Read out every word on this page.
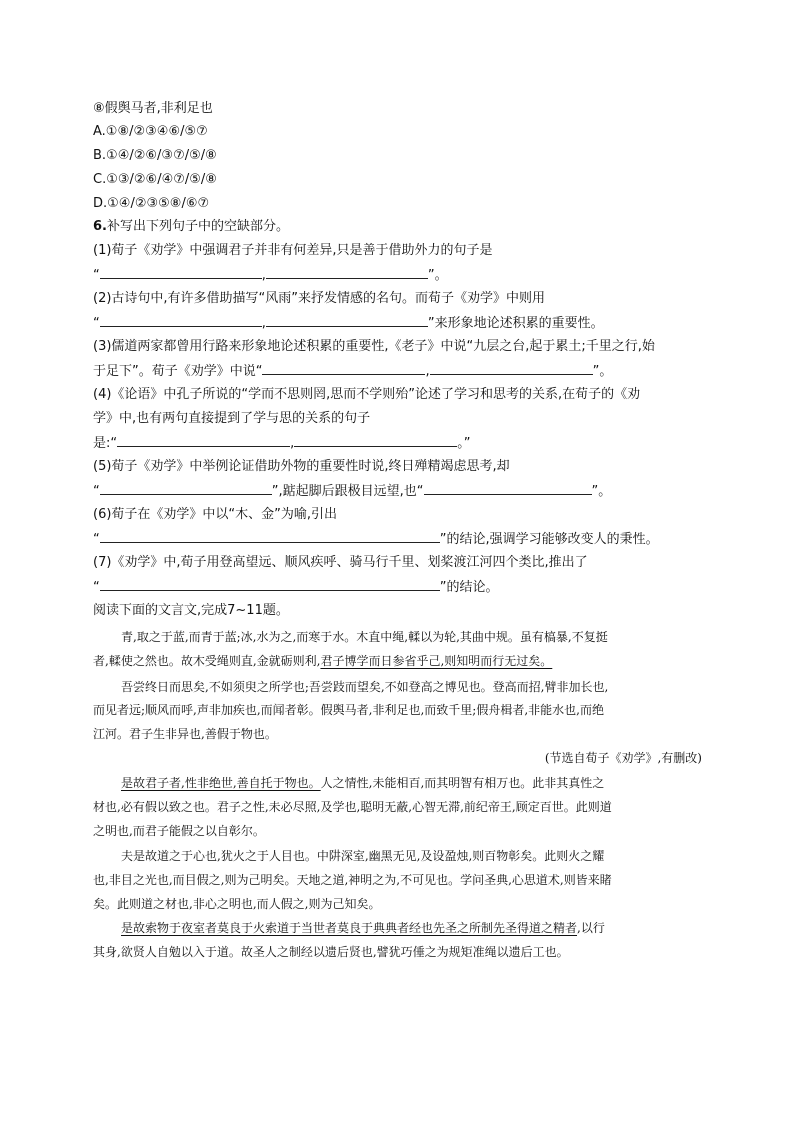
⑧假舆马者,非利足也
A.①⑧/②③④⑥/⑤⑦
B.①④/②⑥/③⑦/⑤/⑧
C.①③/②⑥/④⑦/⑤/⑧
D.①④/②③⑤⑧/⑥⑦
6.补写出下列句子中的空缺部分。
(1)荀子《劝学》中强调君子并非有何差异,只是善于借助外力的句子是
“	,	”。
(2)古诗句中,有许多借助描写“风雨”来抒发情感的名句。而荀子《劝学》中则用
“	,	”来形象地论述积累的重要性。
(3)儒道两家都曾用行路来形象地论述积累的重要性,《老子》中说“九层之台,起于累土;千里之行,始
于足下”。荀子《劝学》中说“	,	”。
(4)《论语》中孔子所说的“学而不思则罔,思而不学则殆”论述了学习和思考的关系,在荀子的《劝
学》中,也有两句直接提到了学与思的关系的句子
是:“	,	。”
(5)荀子《劝学》中举例论证借助外物的重要性时说,终日殚精竭虑思考,却
“	”,踮起脚后跟极目远望,也“	”。
(6)荀子在《劝学》中以“木、金”为喻,引出
“	”的结论,强调学习能够改变人的秉性。
(7)《劝学》中,荀子用登高望远、顺风疾呼、骑马行千里、划桨渡江河四个类比,推出了
“	”的结论。
阅读下面的文言文,完成7~11题。
青,取之于蓝,而青于蓝;冰,水为之,而寒于水。木直中绳,輮以为轮,其曲中规。虽有槁暴,不复挺
者,輮使之然也。故木受绳则直,金就砺则利,君子博学而日参省乎己,则知明而行无过矣。
吾尝终日而思矣,不如须臾之所学也;吾尝跂而望矣,不如登高之博见也。登高而招,臂非加长也,
而见者远;顺风而呼,声非加疾也,而闻者彰。假舆马者,非利足也,而致千里;假舟楫者,非能水也,而绝
江河。君子生非异也,善假于物也。
(节选自荀子《劝学》,有删改)
是故君子者,性非绝世,善自托于物也。人之情性,未能相百,而其明智有相万也。此非其真性之
材也,必有假以致之也。君子之性,未必尽照,及学也,聪明无蔽,心智无滞,前纪帝王,顾定百世。此则道
之明也,而君子能假之以自彰尔。
夫是故道之于心也,犹火之于人目也。中阱深室,幽黑无见,及设盈烛,则百物彰矣。此则火之耀
也,非目之光也,而目假之,则为己明矣。天地之道,神明之为,不可见也。学问圣典,心思道术,则皆来睹
矣。此则道之材也,非心之明也,而人假之,则为己知矣。
是故索物于夜室者莫良于火索道于当世者莫良于典典者经也先圣之所制先圣得道之精者,以行
其身,欲贤人自勉以入于道。故圣人之制经以遗后贤也,譬犹巧倕之为规矩准绳以遗后工也。
